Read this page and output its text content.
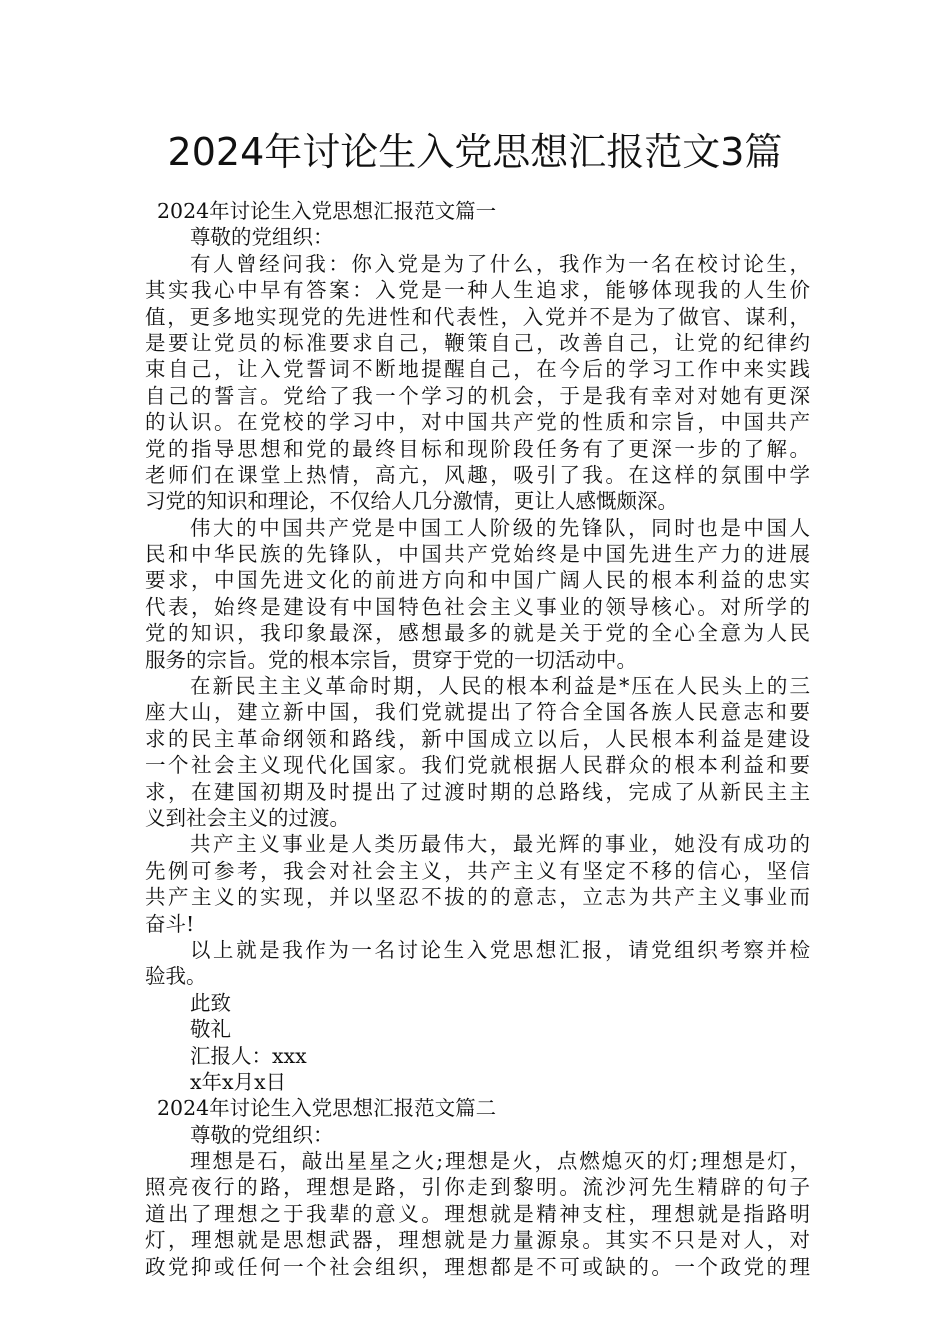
2024年讨论生入党思想汇报范文3篇
2024年讨论生入党思想汇报范文篇一
尊敬的党组织：
有人曾经问我：你入党是为了什么，我作为一名在校讨论生，
其实我心中早有答案：入党是一种人生追求，能够体现我的人生价
值，更多地实现党的先进性和代表性，入党并不是为了做官、谋利，
是要让党员的标准要求自己，鞭策自己，改善自己，让党的纪律约
束自己，让入党誓词不断地提醒自己，在今后的学习工作中来实践
自己的誓言。党给了我一个学习的机会，于是我有幸对对她有更深
的认识。在党校的学习中，对中国共产党的性质和宗旨，中国共产
党的指导思想和党的最终目标和现阶段任务有了更深一步的了解。
老师们在课堂上热情，高亢，风趣，吸引了我。在这样的氛围中学
习党的知识和理论，不仅给人几分激情，更让人感慨颇深。
伟大的中国共产党是中国工人阶级的先锋队，同时也是中国人
民和中华民族的先锋队，中国共产党始终是中国先进生产力的进展
要求，中国先进文化的前进方向和中国广阔人民的根本利益的忠实
代表，始终是建设有中国特色社会主义事业的领导核心。对所学的
党的知识，我印象最深，感想最多的就是关于党的全心全意为人民
服务的宗旨。党的根本宗旨，贯穿于党的一切活动中。
在新民主主义革命时期，人民的根本利益是*压在人民头上的三
座大山，建立新中国，我们党就提出了符合全国各族人民意志和要
求的民主革命纲领和路线，新中国成立以后，人民根本利益是建设
一个社会主义现代化国家。我们党就根据人民群众的根本利益和要
求，在建国初期及时提出了过渡时期的总路线，完成了从新民主主
义到社会主义的过渡。
共产主义事业是人类历最伟大，最光辉的事业，她没有成功的
先例可参考，我会对社会主义，共产主义有坚定不移的信心，坚信
共产主义的实现，并以坚忍不拔的的意志，立志为共产主义事业而
奋斗!
以上就是我作为一名讨论生入党思想汇报，请党组织考察并检
验我。
此致
敬礼
汇报人：xxx
x年x月x日
2024年讨论生入党思想汇报范文篇二
尊敬的党组织：
理想是石，敲出星星之火;理想是火，点燃熄灭的灯;理想是灯，
照亮夜行的路，理想是路，引你走到黎明。流沙河先生精辟的句子
道出了理想之于我辈的意义。理想就是精神支柱，理想就是指路明
灯，理想就是思想武器，理想就是力量源泉。其实不只是对人，对
政党抑或任何一个社会组织，理想都是不可或缺的。一个政党的理
